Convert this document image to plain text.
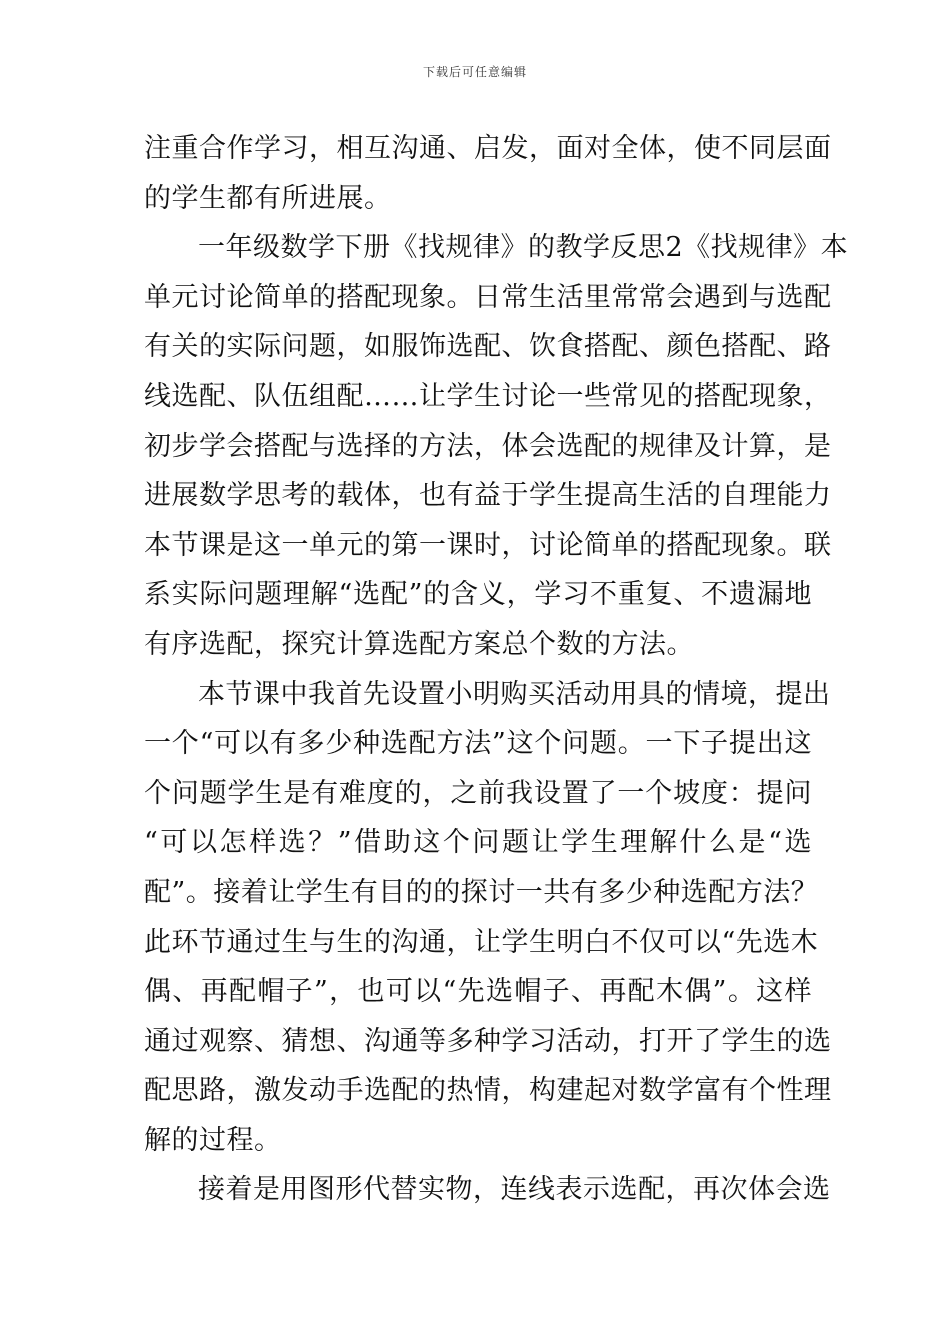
下载后可任意编辑
注重合作学习，相互沟通、启发，面对全体，使不同层面
的学生都有所进展。
一年级数学下册《找规律》的教学反思2《找规律》本
单元讨论简单的搭配现象。日常生活里常常会遇到与选配
有关的实际问题，如服饰选配、饮食搭配、颜色搭配、路
线选配、队伍组配……让学生讨论一些常见的搭配现象，
初步学会搭配与选择的方法，体会选配的规律及计算，是
进展数学思考的载体，也有益于学生提高生活的自理能力
本节课是这一单元的第一课时，讨论简单的搭配现象。联
系实际问题理解“选配”的含义，学习不重复、不遗漏地
有序选配，探究计算选配方案总个数的方法。
本节课中我首先设置小明购买活动用具的情境，提出
一个“可以有多少种选配方法”这个问题。一下子提出这
个问题学生是有难度的，之前我设置了一个坡度：提问
“可以怎样选？”借助这个问题让学生理解什么是“选
配”。接着让学生有目的的探讨一共有多少种选配方法？
此环节通过生与生的沟通，让学生明白不仅可以“先选木
偶、再配帽子”，也可以“先选帽子、再配木偶”。这样
通过观察、猜想、沟通等多种学习活动，打开了学生的选
配思路，激发动手选配的热情，构建起对数学富有个性理
解的过程。
接着是用图形代替实物，连线表示选配，再次体会选
